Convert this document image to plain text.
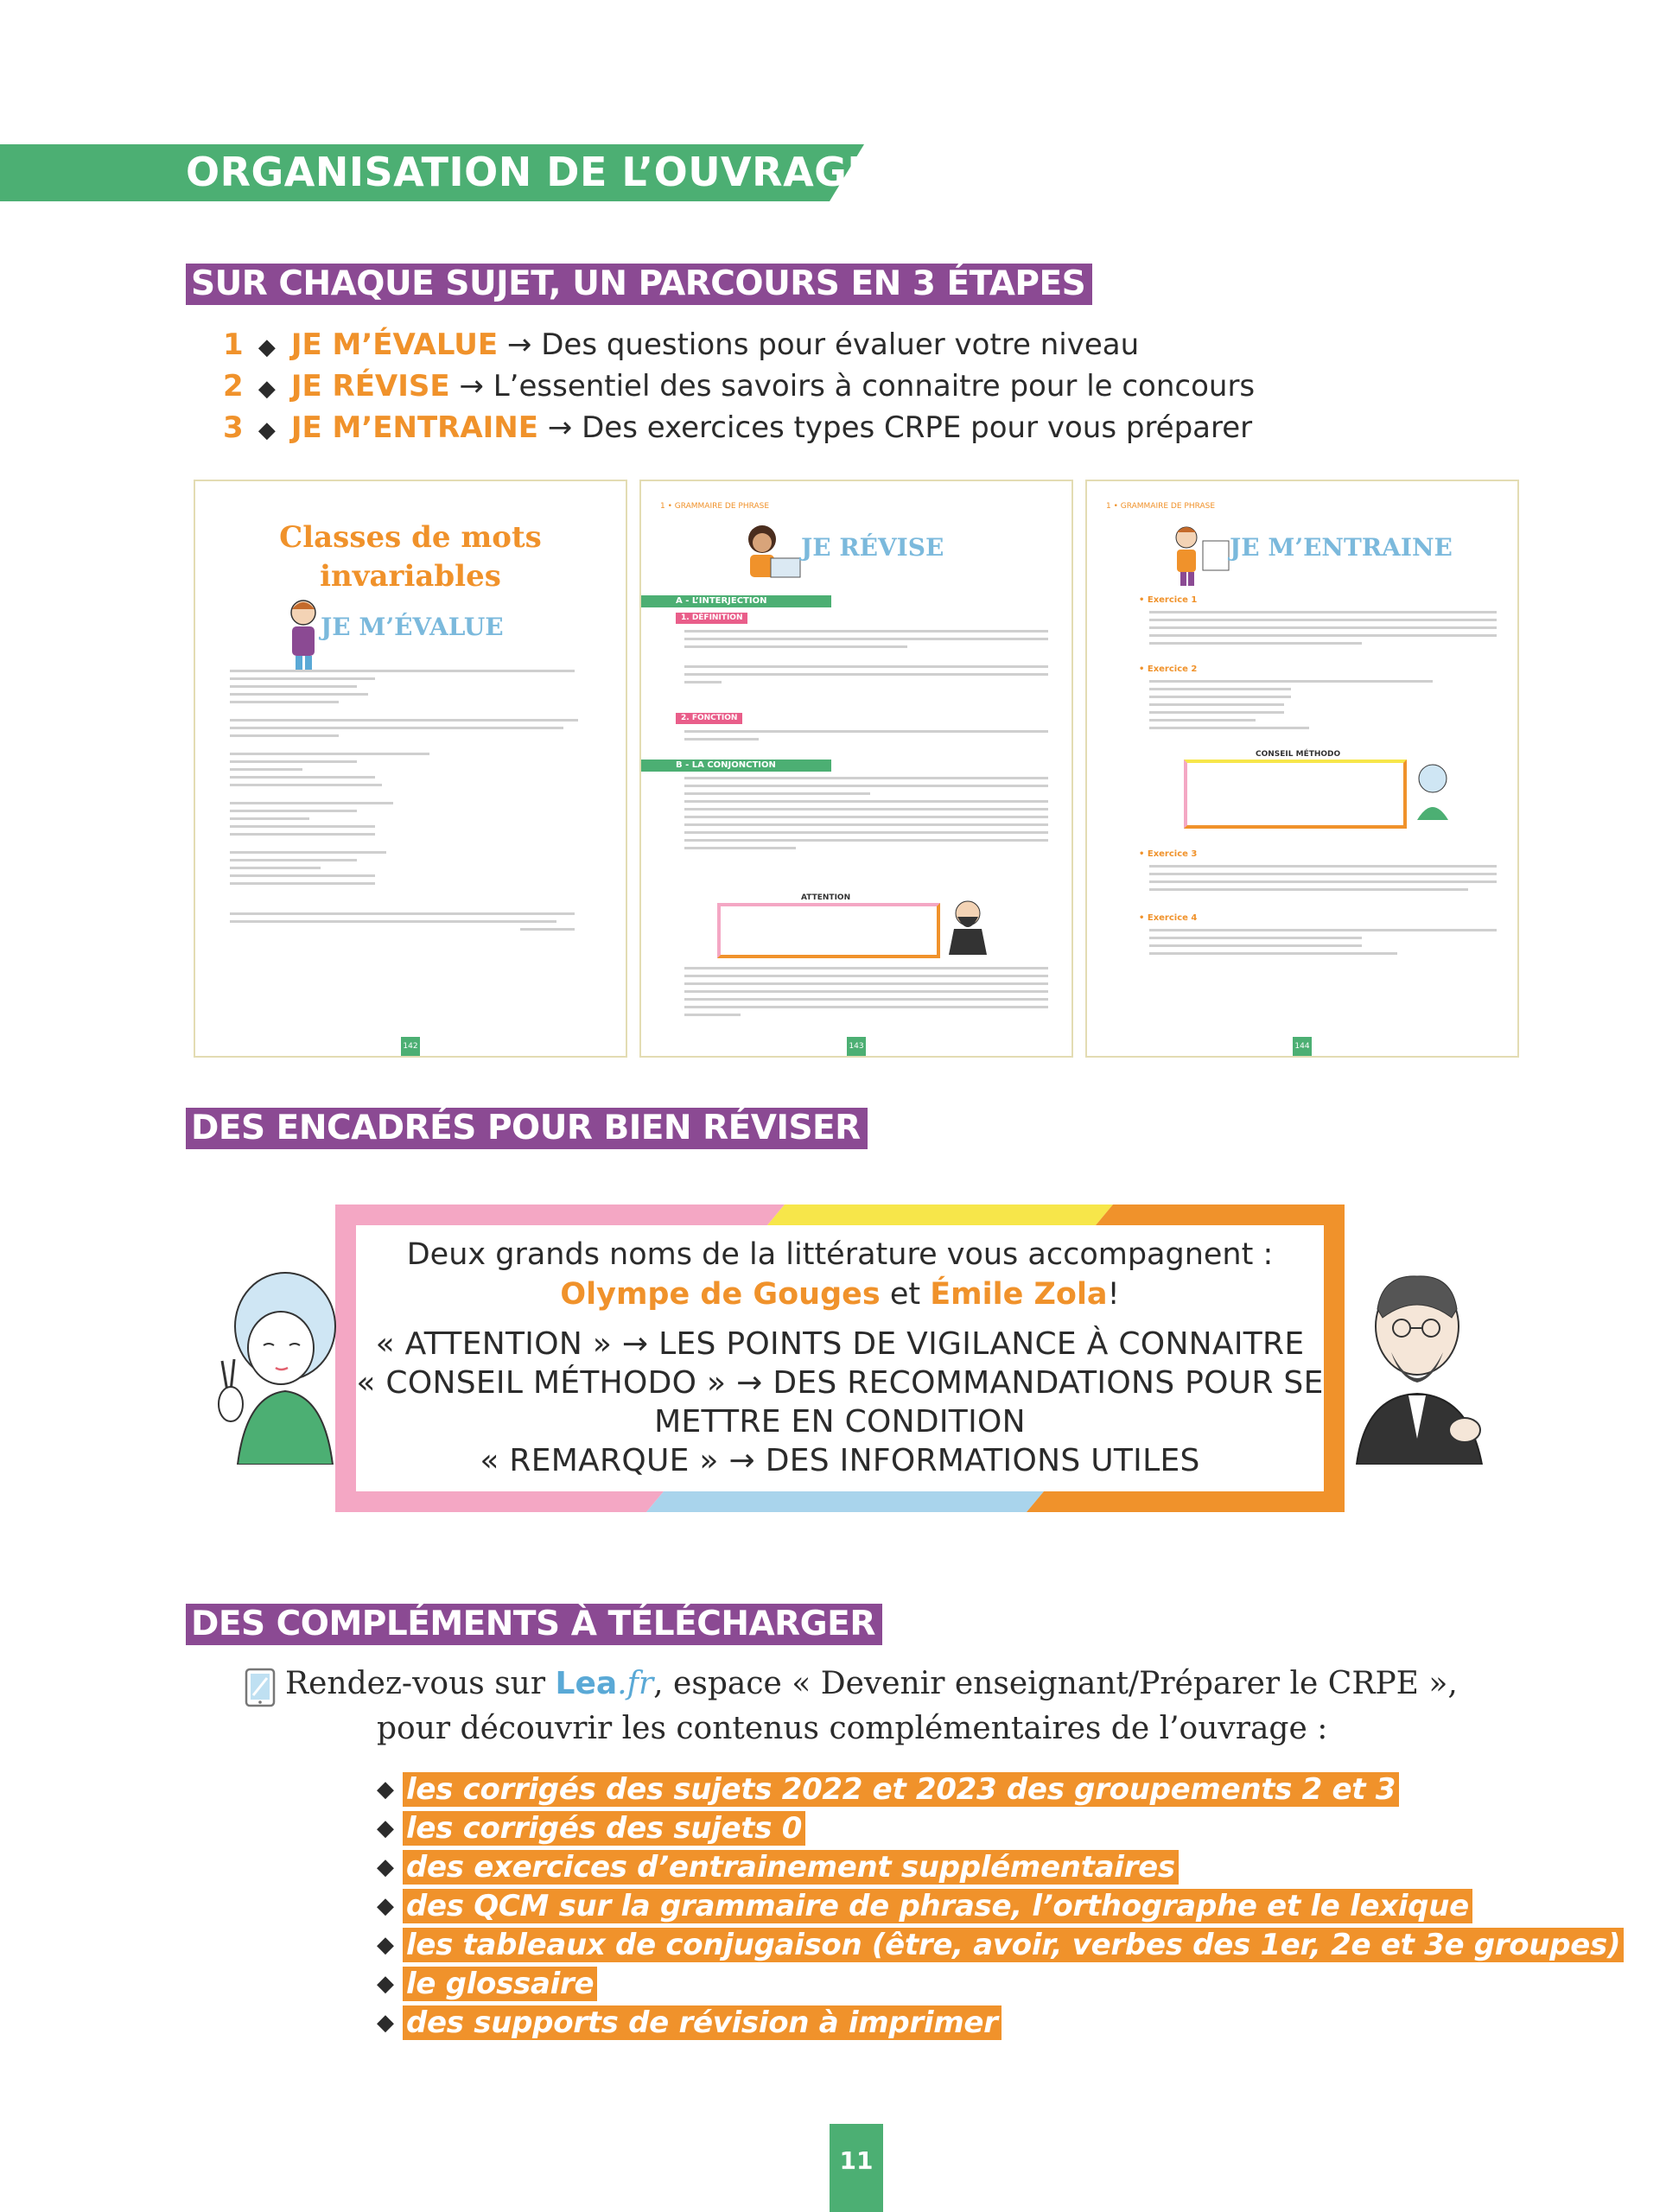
ORGANISATION DE L’OUVRAGE
SUR CHAQUE SUJET, UN PARCOURS EN 3 ÉTAPES
1 ◆ JE M’ÉVALUE → Des questions pour évaluer votre niveau
2 ◆ JE RÉVISE → L’essentiel des savoirs à connaitre pour le concours
3 ◆ JE M’ENTRAINE → Des exercices types CRPE pour vous préparer
Classes de mots
invariables
JE M’ÉVALUE
142
1 • GRAMMAIRE DE PHRASE
JE RÉVISE
A - L’INTERJECTION
1. DÉFINITION
2. FONCTION
B - LA CONJONCTION
ATTENTION
143
1 • GRAMMAIRE DE PHRASE
JE M’ENTRAINE
• Exercice 1
• Exercice 2
CONSEIL MÉTHODO
• Exercice 3
• Exercice 4
144
DES ENCADRÉS POUR BIEN RÉVISER
Deux grands noms de la littérature vous accompagnent :
Olympe de Gouges et Émile Zola!
« ATTENTION » → LES POINTS DE VIGILANCE À CONNAITRE
« CONSEIL MÉTHODO » → DES RECOMMANDATIONS POUR SE
METTRE EN CONDITION
« REMARQUE » → DES INFORMATIONS UTILES
DES COMPLÉMENTS À TÉLÉCHARGER
Rendez-vous sur Lea.fr, espace « Devenir enseignant/Préparer le CRPE »,
pour découvrir les contenus complémentaires de l’ouvrage :
◆ les corrigés des sujets 2022 et 2023 des groupements 2 et 3
◆ les corrigés des sujets 0
◆ des exercices d’entrainement supplémentaires
◆ des QCM sur la grammaire de phrase, l’orthographe et le lexique
◆ les tableaux de conjugaison (être, avoir, verbes des 1er, 2e et 3e groupes)
◆ le glossaire
◆ des supports de révision à imprimer
11
